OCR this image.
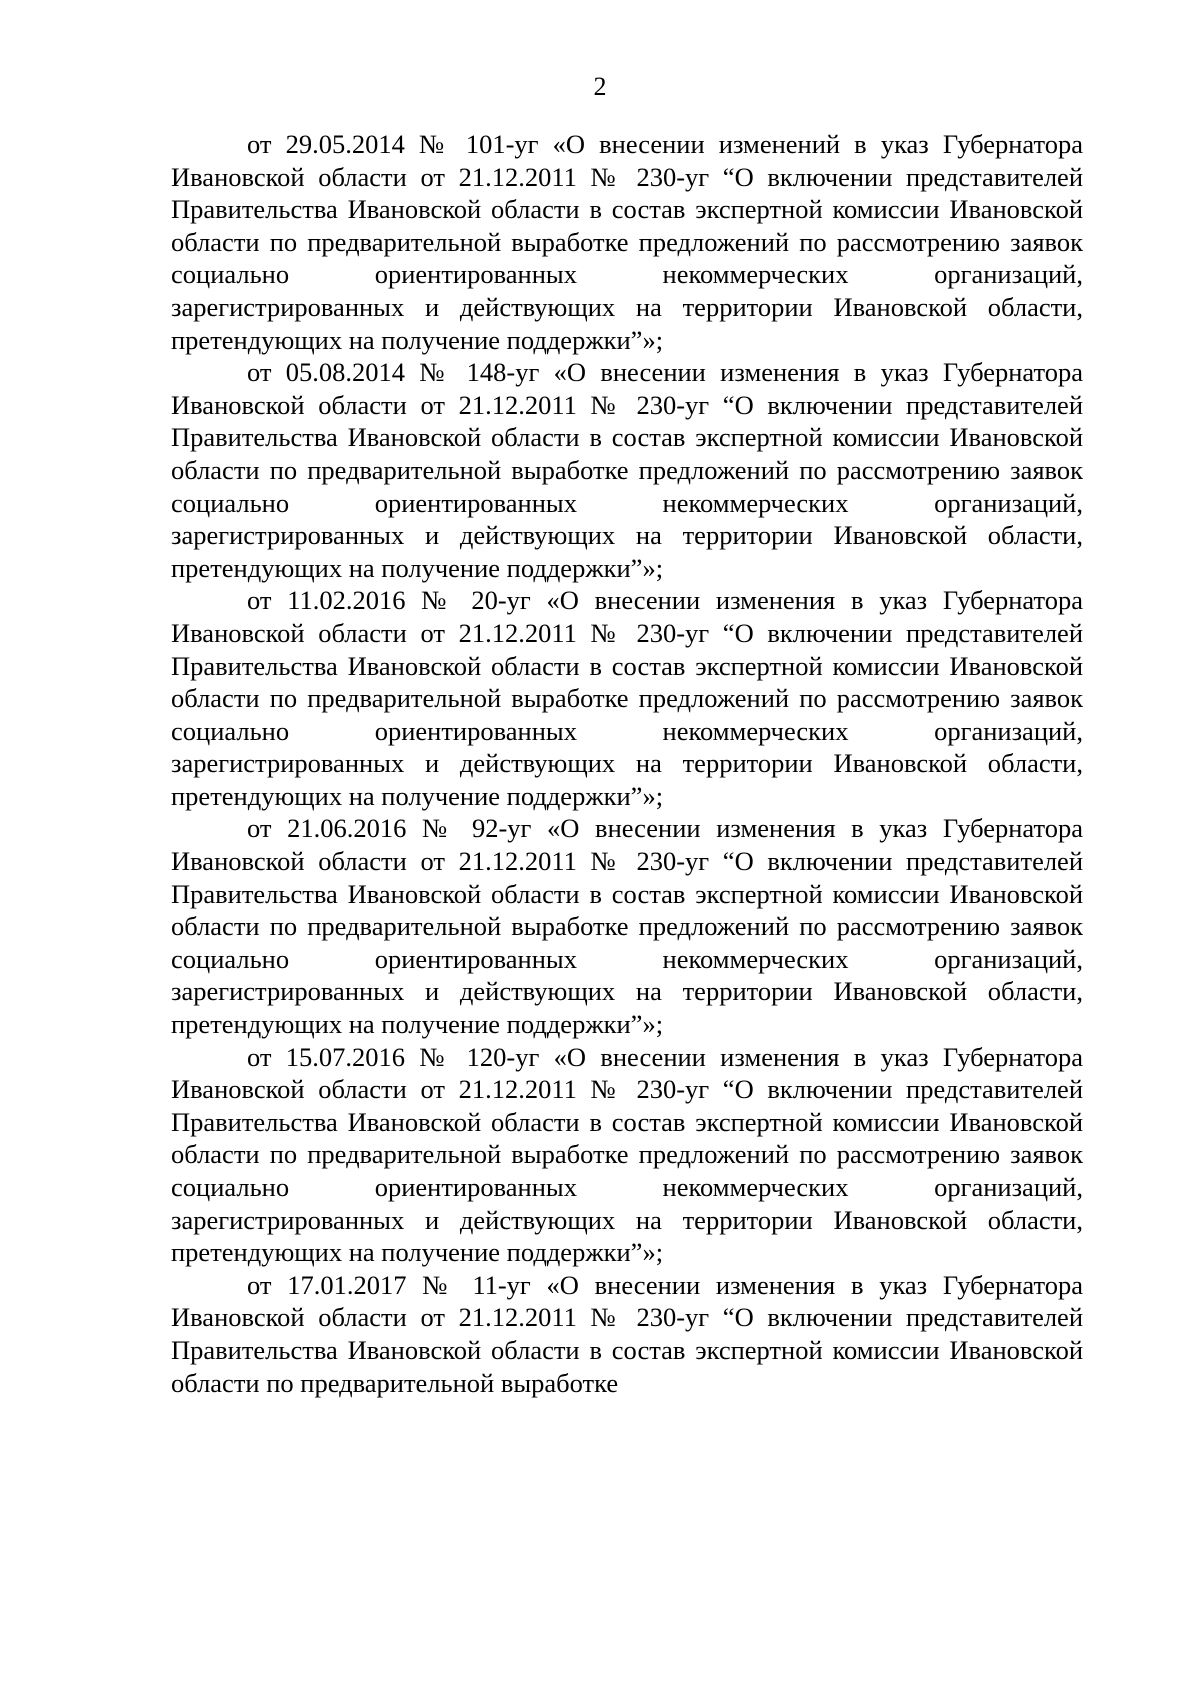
2

от 29.05.2014 № 101-уг «О внесении изменений в указ Губернатора Ивановской области от 21.12.2011 № 230-уг “О включении представителей Правительства Ивановской области в состав экспертной комиссии Ивановской области по предварительной выработке предложений по рассмотрению заявок социально ориентированных некоммерческих организаций, зарегистрированных и действующих на территории Ивановской области, претендующих на получение поддержки”»;

от 05.08.2014 № 148-уг «О внесении изменения в указ Губернатора Ивановской области от 21.12.2011 № 230-уг “О включении представителей Правительства Ивановской области в состав экспертной комиссии Ивановской области по предварительной выработке предложений по рассмотрению заявок социально ориентированных некоммерческих организаций, зарегистрированных и действующих на территории Ивановской области, претендующих на получение поддержки”»;

от 11.02.2016 № 20-уг «О внесении изменения в указ Губернатора Ивановской области от 21.12.2011 № 230-уг “О включении представителей Правительства Ивановской области в состав экспертной комиссии Ивановской области по предварительной выработке предложений по рассмотрению заявок социально ориентированных некоммерческих организаций, зарегистрированных и действующих на территории Ивановской области, претендующих на получение поддержки”»;

от 21.06.2016 № 92-уг «О внесении изменения в указ Губернатора Ивановской области от 21.12.2011 № 230-уг “О включении представителей Правительства Ивановской области в состав экспертной комиссии Ивановской области по предварительной выработке предложений по рассмотрению заявок социально ориентированных некоммерческих организаций, зарегистрированных и действующих на территории Ивановской области, претендующих на получение поддержки”»;

от 15.07.2016 № 120-уг «О внесении изменения в указ Губернатора Ивановской области от 21.12.2011 № 230-уг “О включении представителей Правительства Ивановской области в состав экспертной комиссии Ивановской области по предварительной выработке предложений по рассмотрению заявок социально ориентированных некоммерческих организаций, зарегистрированных и действующих на территории Ивановской области, претендующих на получение поддержки”»;

от 17.01.2017 № 11-уг «О внесении изменения в указ Губернатора Ивановской области от 21.12.2011 № 230-уг “О включении представителей Правительства Ивановской области в состав экспертной комиссии Ивановской области по предварительной выработке
